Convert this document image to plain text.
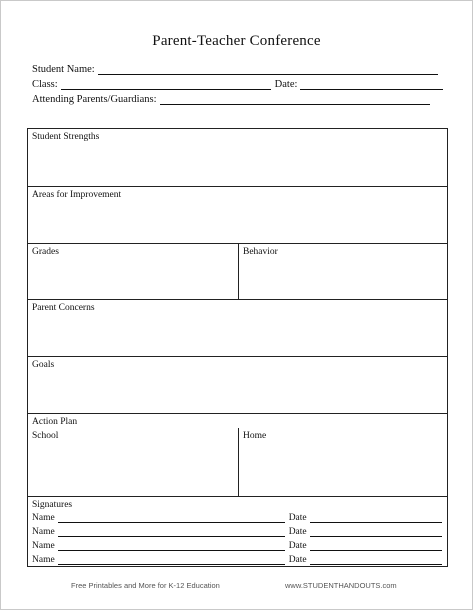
Parent-Teacher Conference
Student Name:
Class:	Date:
Attending Parents/Guardians:
Student Strengths
Areas for Improvement
Grades	Behavior
Parent Concerns
Goals
Action Plan
School	Home
Signatures
Name	Date
Name	Date
Name	Date
Name	Date
Free Printables and More for K-12 Education	www.STUDENTHANDOUTS.com
